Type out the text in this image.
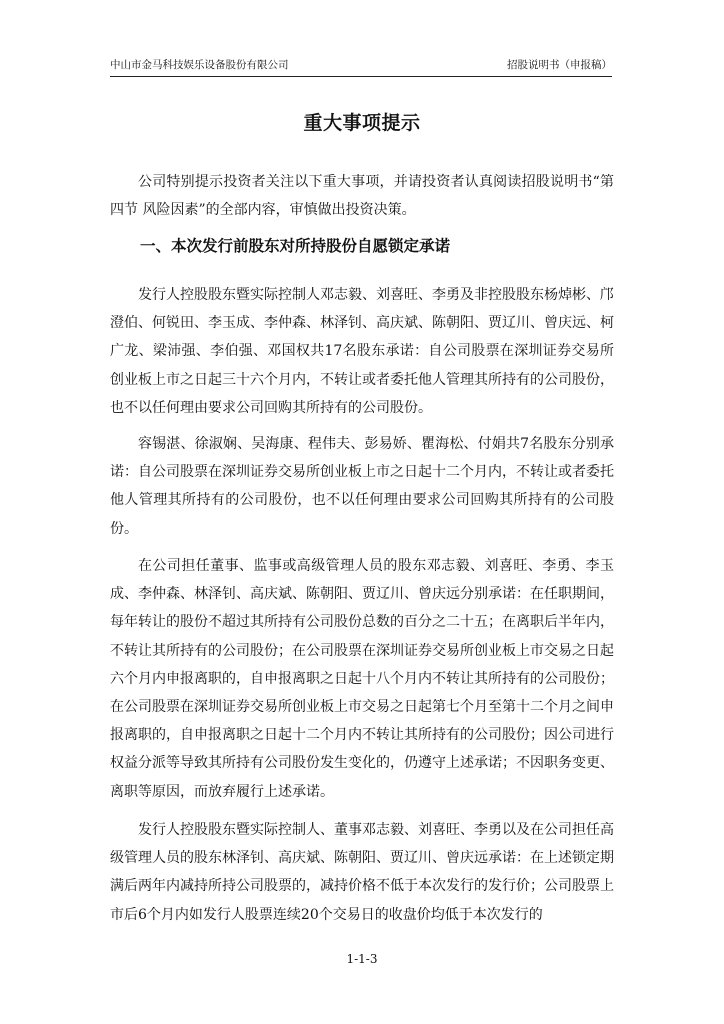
中山市金马科技娱乐设备股份有限公司	招股说明书（申报稿）
重大事项提示

公司特别提示投资者关注以下重大事项，并请投资者认真阅读招股说明书“第四节 风险因素”的全部内容，审慎做出投资决策。

一、本次发行前股东对所持股份自愿锁定承诺

发行人控股股东暨实际控制人邓志毅、刘喜旺、李勇及非控股股东杨焯彬、邝澄伯、何锐田、李玉成、李仲森、林泽钊、高庆斌、陈朝阳、贾辽川、曾庆远、柯广龙、梁沛强、李伯强、邓国权共17名股东承诺：自公司股票在深圳证券交易所创业板上市之日起三十六个月内，不转让或者委托他人管理其所持有的公司股份，也不以任何理由要求公司回购其所持有的公司股份。

容锡湛、徐淑娴、吴海康、程伟夫、彭易娇、瞿海松、付娟共7名股东分别承诺：自公司股票在深圳证券交易所创业板上市之日起十二个月内，不转让或者委托他人管理其所持有的公司股份，也不以任何理由要求公司回购其所持有的公司股份。

在公司担任董事、监事或高级管理人员的股东邓志毅、刘喜旺、李勇、李玉成、李仲森、林泽钊、高庆斌、陈朝阳、贾辽川、曾庆远分别承诺：在任职期间，每年转让的股份不超过其所持有公司股份总数的百分之二十五；在离职后半年内，不转让其所持有的公司股份；在公司股票在深圳证券交易所创业板上市交易之日起六个月内申报离职的，自申报离职之日起十八个月内不转让其所持有的公司股份；在公司股票在深圳证券交易所创业板上市交易之日起第七个月至第十二个月之间申报离职的，自申报离职之日起十二个月内不转让其所持有的公司股份；因公司进行权益分派等导致其所持有公司股份发生变化的，仍遵守上述承诺；不因职务变更、离职等原因，而放弃履行上述承诺。

发行人控股股东暨实际控制人、董事邓志毅、刘喜旺、李勇以及在公司担任高级管理人员的股东林泽钊、高庆斌、陈朝阳、贾辽川、曾庆远承诺：在上述锁定期满后两年内减持所持公司股票的，减持价格不低于本次发行的发行价；公司股票上市后6个月内如发行人股票连续20个交易日的收盘价均低于本次发行的

1-1-3
